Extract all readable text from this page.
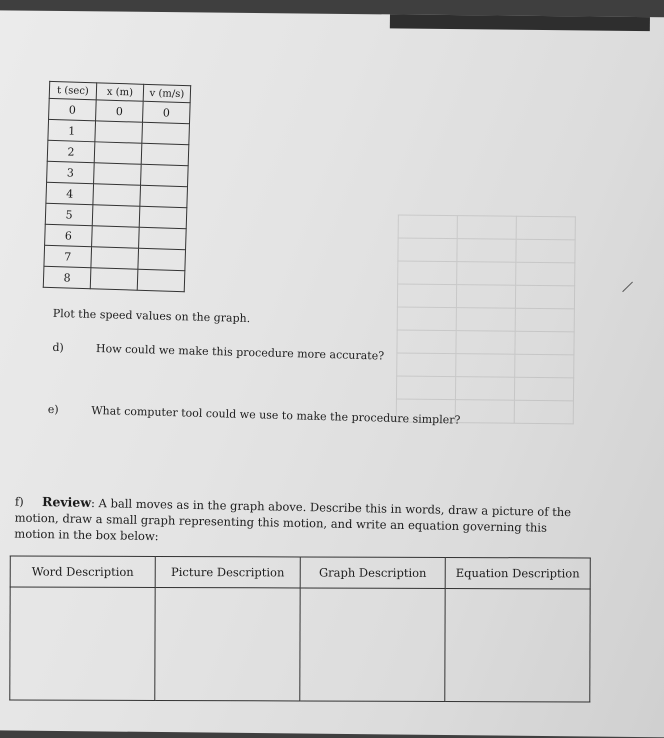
t (sec)	x (m)	v (m/s)
0	0	0
1		
2		
3		
4		
5		
6		
7		
8		

Plot the speed values on the graph.
d)	How could we make this procedure more accurate?
e)	What computer tool could we use to make the procedure simpler?
f) Review: A ball moves as in the graph above. Describe this in words, draw a picture of the motion, draw a small graph representing this motion, and write an equation governing this motion in the box below:
Word Description	Picture Description	Graph Description	Equation Description
